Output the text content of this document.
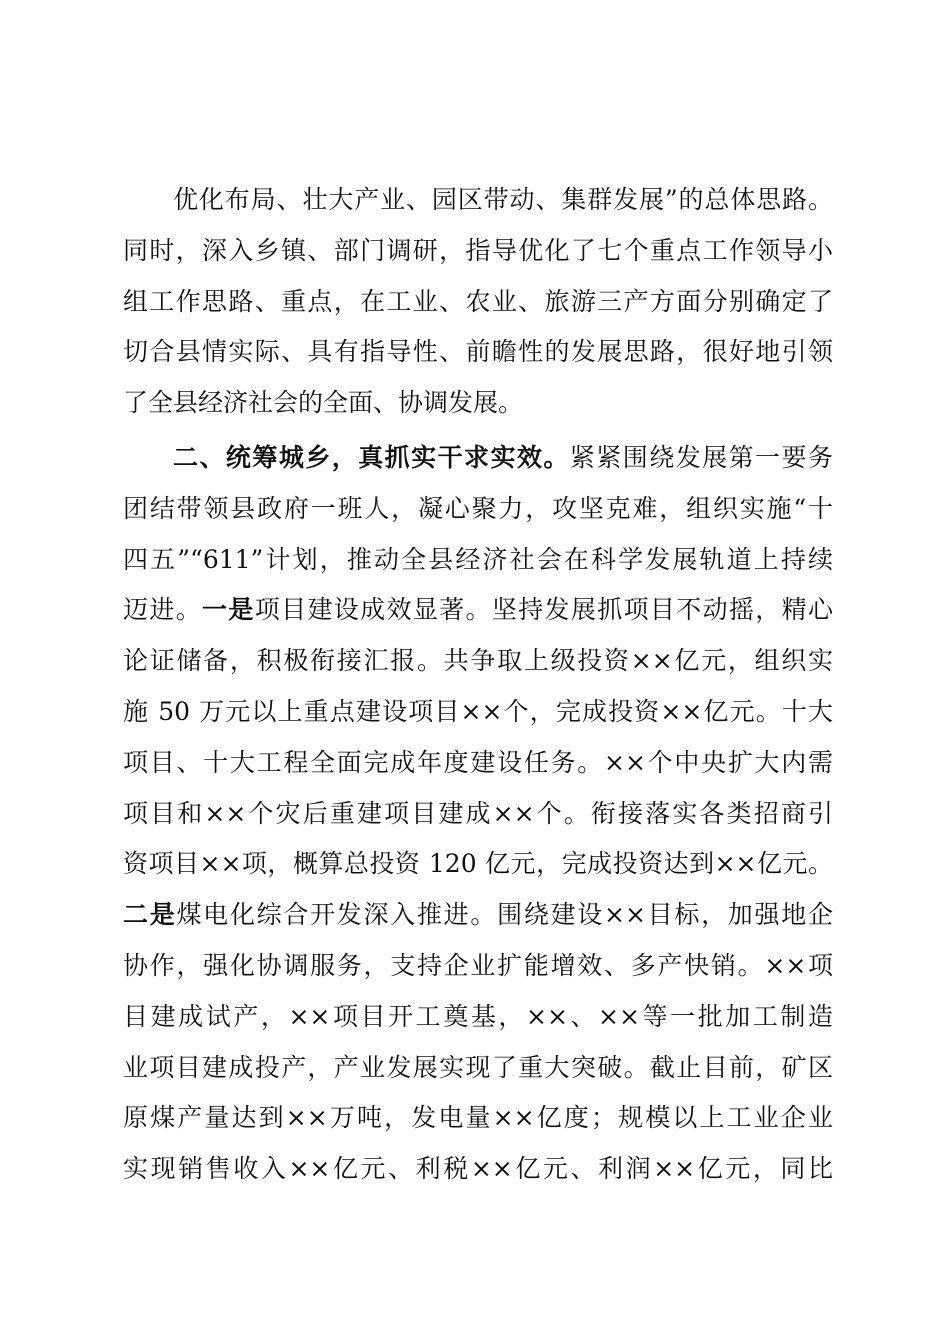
优化布局、壮大产业、园区带动、集群发展”的总体思路。
同时，深入乡镇、部门调研，指导优化了七个重点工作领导小
组工作思路、重点，在工业、农业、旅游三产方面分别确定了
切合县情实际、具有指导性、前瞻性的发展思路，很好地引领
了全县经济社会的全面、协调发展。
二、统筹城乡，真抓实干求实效。紧紧围绕发展第一要务
团结带领县政府一班人，凝心聚力，攻坚克难，组织实施“十
四五”“611”计划，推动全县经济社会在科学发展轨道上持续
迈进。一是项目建设成效显著。坚持发展抓项目不动摇，精心
论证储备，积极衔接汇报。共争取上级投资××亿元，组织实
施 50 万元以上重点建设项目××个，完成投资××亿元。十大
项目、十大工程全面完成年度建设任务。××个中央扩大内需
项目和××个灾后重建项目建成××个。衔接落实各类招商引
资项目××项，概算总投资 120 亿元，完成投资达到××亿元。
二是煤电化综合开发深入推进。围绕建设××目标，加强地企
协作，强化协调服务，支持企业扩能增效、多产快销。××项
目建成试产，××项目开工奠基，××、××等一批加工制造
业项目建成投产，产业发展实现了重大突破。截止目前，矿区
原煤产量达到××万吨，发电量××亿度；规模以上工业企业
实现销售收入××亿元、利税××亿元、利润××亿元，同比
